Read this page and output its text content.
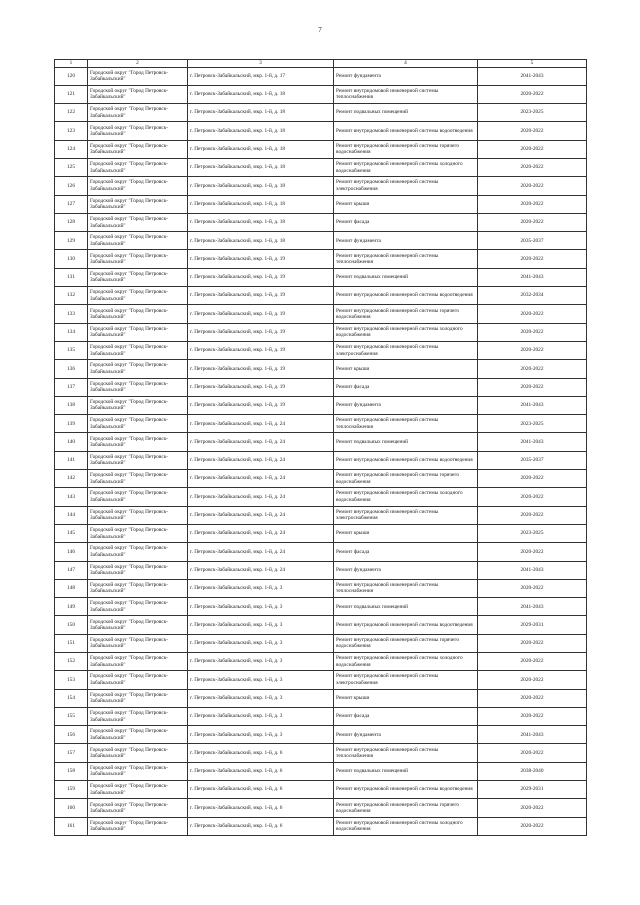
7
1	2	3	4	5
120	Городской округ "Город Петровск-Забайкальский"	г. Петровск-Забайкальский, мкр. 1-й, д. 17	Ремонт фундамента	2041-2043
121	Городской округ "Город Петровск-Забайкальский"	г. Петровск-Забайкальский, мкр. 1-й, д. 18	Ремонт внутридомовой инженерной системы теплоснабжения	2020-2022
122	Городской округ "Город Петровск-Забайкальский"	г. Петровск-Забайкальский, мкр. 1-й, д. 18	Ремонт подвальных помещений	2023-2025
123	Городской округ "Город Петровск-Забайкальский"	г. Петровск-Забайкальский, мкр. 1-й, д. 18	Ремонт внутридомовой инженерной системы водоотведения	2020-2022
124	Городской округ "Город Петровск-Забайкальский"	г. Петровск-Забайкальский, мкр. 1-й, д. 18	Ремонт внутридомовой инженерной системы горячего водоснабжения	2020-2022
125	Городской округ "Город Петровск-Забайкальский"	г. Петровск-Забайкальский, мкр. 1-й, д. 18	Ремонт внутридомовой инженерной системы холодного водоснабжения	2020-2022
126	Городской округ "Город Петровск-Забайкальский"	г. Петровск-Забайкальский, мкр. 1-й, д. 18	Ремонт внутридомовой инженерной системы электроснабжения	2020-2022
127	Городской округ "Город Петровск-Забайкальский"	г. Петровск-Забайкальский, мкр. 1-й, д. 18	Ремонт крыши	2020-2022
128	Городской округ "Город Петровск-Забайкальский"	г. Петровск-Забайкальский, мкр. 1-й, д. 18	Ремонт фасада	2020-2022
129	Городской округ "Город Петровск-Забайкальский"	г. Петровск-Забайкальский, мкр. 1-й, д. 18	Ремонт фундамента	2035-2037
130	Городской округ "Город Петровск-Забайкальский"	г. Петровск-Забайкальский, мкр. 1-й, д. 19	Ремонт внутридомовой инженерной системы теплоснабжения	2020-2022
131	Городской округ "Город Петровск-Забайкальский"	г. Петровск-Забайкальский, мкр. 1-й, д. 19	Ремонт подвальных помещений	2041-2043
132	Городской округ "Город Петровск-Забайкальский"	г. Петровск-Забайкальский, мкр. 1-й, д. 19	Ремонт внутридомовой инженерной системы водоотведения	2032-2034
133	Городской округ "Город Петровск-Забайкальский"	г. Петровск-Забайкальский, мкр. 1-й, д. 19	Ремонт внутридомовой инженерной системы горячего водоснабжения	2020-2022
134	Городской округ "Город Петровск-Забайкальский"	г. Петровск-Забайкальский, мкр. 1-й, д. 19	Ремонт внутридомовой инженерной системы холодного водоснабжения	2020-2022
135	Городской округ "Город Петровск-Забайкальский"	г. Петровск-Забайкальский, мкр. 1-й, д. 19	Ремонт внутридомовой инженерной системы электроснабжения	2020-2022
136	Городской округ "Город Петровск-Забайкальский"	г. Петровск-Забайкальский, мкр. 1-й, д. 19	Ремонт крыши	2020-2022
137	Городской округ "Город Петровск-Забайкальский"	г. Петровск-Забайкальский, мкр. 1-й, д. 19	Ремонт фасада	2020-2022
138	Городской округ "Город Петровск-Забайкальский"	г. Петровск-Забайкальский, мкр. 1-й, д. 19	Ремонт фундамента	2041-2043
139	Городской округ "Город Петровск-Забайкальский"	г. Петровск-Забайкальский, мкр. 1-й, д. 24	Ремонт внутридомовой инженерной системы теплоснабжения	2023-2025
140	Городской округ "Город Петровск-Забайкальский"	г. Петровск-Забайкальский, мкр. 1-й, д. 24	Ремонт подвальных помещений	2041-2043
141	Городской округ "Город Петровск-Забайкальский"	г. Петровск-Забайкальский, мкр. 1-й, д. 24	Ремонт внутридомовой инженерной системы водоотведения	2035-2037
142	Городской округ "Город Петровск-Забайкальский"	г. Петровск-Забайкальский, мкр. 1-й, д. 24	Ремонт внутридомовой инженерной системы горячего водоснабжения	2020-2022
143	Городской округ "Город Петровск-Забайкальский"	г. Петровск-Забайкальский, мкр. 1-й, д. 24	Ремонт внутридомовой инженерной системы холодного водоснабжения	2020-2022
144	Городской округ "Город Петровск-Забайкальский"	г. Петровск-Забайкальский, мкр. 1-й, д. 24	Ремонт внутридомовой инженерной системы электроснабжения	2020-2022
145	Городской округ "Город Петровск-Забайкальский"	г. Петровск-Забайкальский, мкр. 1-й, д. 24	Ремонт крыши	2023-2025
146	Городской округ "Город Петровск-Забайкальский"	г. Петровск-Забайкальский, мкр. 1-й, д. 24	Ремонт фасада	2020-2022
147	Городской округ "Город Петровск-Забайкальский"	г. Петровск-Забайкальский, мкр. 1-й, д. 24	Ремонт фундамента	2041-2043
148	Городской округ "Город Петровск-Забайкальский"	г. Петровск-Забайкальский, мкр. 1-й, д. 3	Ремонт внутридомовой инженерной системы теплоснабжения	2020-2022
149	Городской округ "Город Петровск-Забайкальский"	г. Петровск-Забайкальский, мкр. 1-й, д. 3	Ремонт подвальных помещений	2041-2043
150	Городской округ "Город Петровск-Забайкальский"	г. Петровск-Забайкальский, мкр. 1-й, д. 3	Ремонт внутридомовой инженерной системы водоотведения	2029-2031
151	Городской округ "Город Петровск-Забайкальский"	г. Петровск-Забайкальский, мкр. 1-й, д. 3	Ремонт внутридомовой инженерной системы горячего водоснабжения	2020-2022
152	Городской округ "Город Петровск-Забайкальский"	г. Петровск-Забайкальский, мкр. 1-й, д. 3	Ремонт внутридомовой инженерной системы холодного водоснабжения	2020-2022
153	Городской округ "Город Петровск-Забайкальский"	г. Петровск-Забайкальский, мкр. 1-й, д. 3	Ремонт внутридомовой инженерной системы электроснабжения	2020-2022
154	Городской округ "Город Петровск-Забайкальский"	г. Петровск-Забайкальский, мкр. 1-й, д. 3	Ремонт крыши	2020-2022
155	Городской округ "Город Петровск-Забайкальский"	г. Петровск-Забайкальский, мкр. 1-й, д. 3	Ремонт фасада	2020-2022
156	Городской округ "Город Петровск-Забайкальский"	г. Петровск-Забайкальский, мкр. 1-й, д. 3	Ремонт фундамента	2041-2043
157	Городской округ "Город Петровск-Забайкальский"	г. Петровск-Забайкальский, мкр. 1-й, д. 6	Ремонт внутридомовой инженерной системы теплоснабжения	2020-2022
158	Городской округ "Город Петровск-Забайкальский"	г. Петровск-Забайкальский, мкр. 1-й, д. 6	Ремонт подвальных помещений	2038-2040
159	Городской округ "Город Петровск-Забайкальский"	г. Петровск-Забайкальский, мкр. 1-й, д. 6	Ремонт внутридомовой инженерной системы водоотведения	2029-2031
160	Городской округ "Город Петровск-Забайкальский"	г. Петровск-Забайкальский, мкр. 1-й, д. 6	Ремонт внутридомовой инженерной системы горячего водоснабжения	2020-2022
161	Городской округ "Город Петровск-Забайкальский"	г. Петровск-Забайкальский, мкр. 1-й, д. 6	Ремонт внутридомовой инженерной системы холодного водоснабжения	2020-2022
